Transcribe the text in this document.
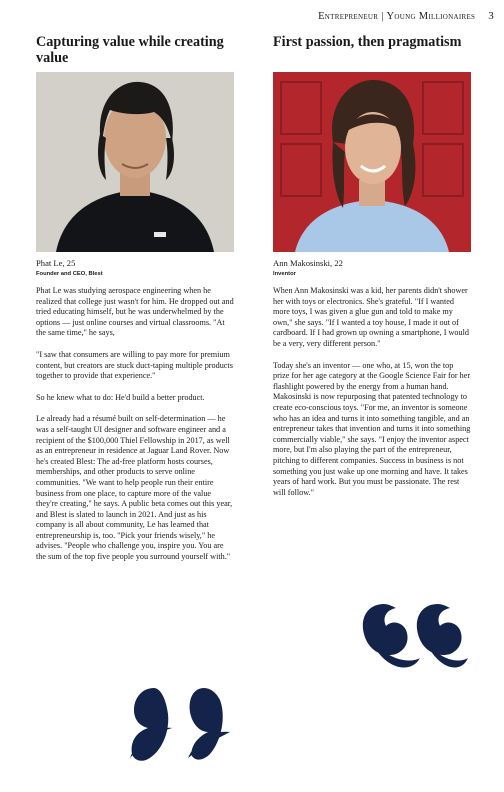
Entrepreneur | Young Millionaires 3
Capturing value while creating value
Phat Le, 25
Founder and CEO, Blest

Phat Le was studying aerospace engineering when he realized that college just wasn't for him. He dropped out and tried educating himself, but he was underwhelmed by the options — just online courses and virtual classrooms. "At the same time," he says,

"I saw that consumers are willing to pay more for premium content, but creators are stuck duct-taping multiple products together to provide that experience."

So he knew what to do: He'd build a better product.

Le already had a résumé built on self-determination — he was a self-taught UI designer and software engineer and a recipient of the $100,000 Thiel Fellowship in 2017, as well as an entrepreneur in residence at Jaguar Land Rover. Now he's created Blest: The ad-free platform hosts courses, memberships, and other products to serve online communities. "We want to help people run their entire business from one place, to capture more of the value they're creating," he says. A public beta comes out this year, and Blest is slated to launch in 2021. And just as his company is all about community, Le has learned that entrepreneurship is, too. "Pick your friends wisely," he advises. "People who challenge you, inspire you. You are the sum of the top five people you surround yourself with."

First passion, then pragmatism
Ann Makosinski, 22
Inventor

When Ann Makosinski was a kid, her parents didn't shower her with toys or electronics. She's grateful. "If I wanted more toys, I was given a glue gun and told to make my own," she says. "If I wanted a toy house, I made it out of cardboard. If I had grown up owning a smartphone, I would be a very, very different person."

Today she's an inventor — one who, at 15, won the top prize for her age category at the Google Science Fair for her flashlight powered by the energy from a human hand. Makosinski is now repurposing that patented technology to create eco-conscious toys. "For me, an inventor is someone who has an idea and turns it into something tangible, and an entrepreneur takes that invention and turns it into something commercially viable," she says. "I enjoy the inventor aspect more, but I'm also playing the part of the entrepreneur, pitching to different companies. Success in business is not something you just wake up one morning and have. It takes years of hard work. But you must be passionate. The rest will follow."
